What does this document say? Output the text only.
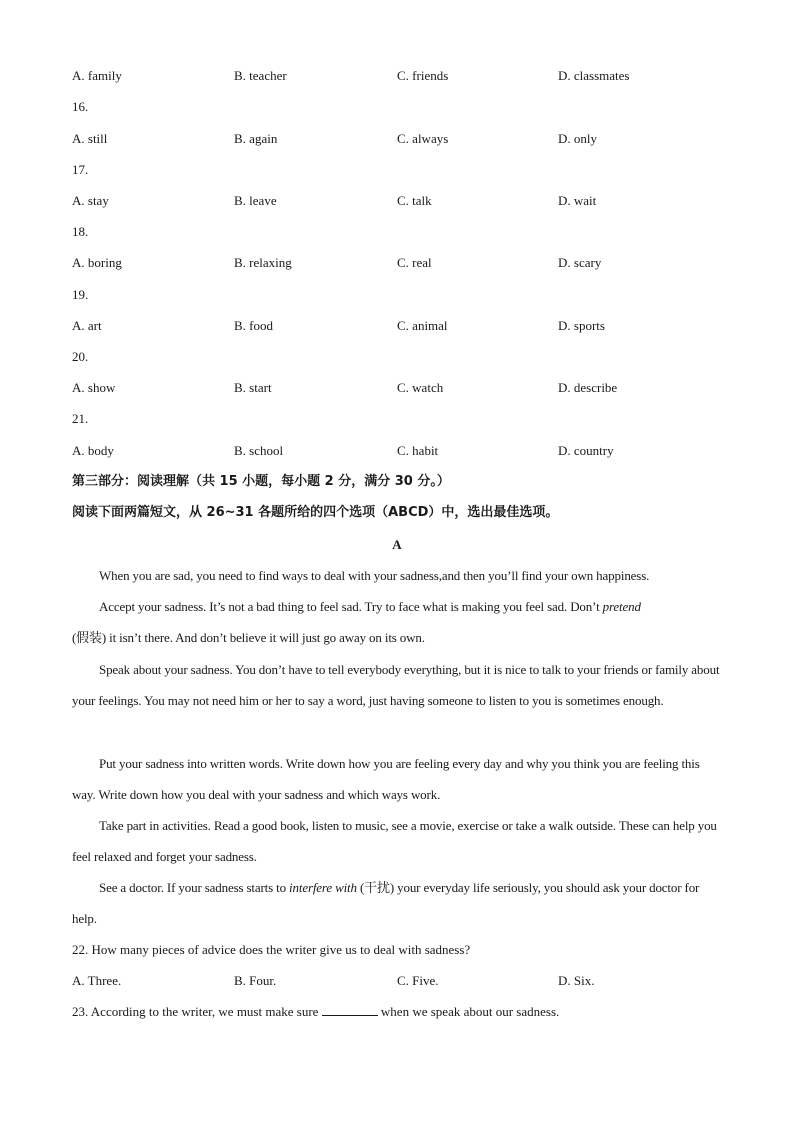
A. family	B. teacher	C. friends	D. classmates
16.
A. still	B. again	C. always	D. only
17.
A. stay	B. leave	C. talk	D. wait
18.
A. boring	B. relaxing	C. real	D. scary
19.
A. art	B. food	C. animal	D. sports
20.
A. show	B. start	C. watch	D. describe
21.
A. body	B. school	C. habit	D. country
第三部分：阅读理解（共 15 小题，每小题 2 分，满分 30 分。）
阅读下面两篇短文，从 26~31 各题所给的四个选项（ABCD）中，选出最佳选项。
A
When you are sad, you need to find ways to deal with your sadness,and then you’ll find your own happiness.
Accept your sadness. It’s not a bad thing to feel sad. Try to face what is making you feel sad. Don’t pretend
(假装) it isn’t there. And don’t believe it will just go away on its own.
Speak about your sadness. You don’t have to tell everybody everything, but it is nice to talk to your friends or family about your feelings. You may not need him or her to say a word, just having someone to listen to you is sometimes enough.
Put your sadness into written words. Write down how you are feeling every day and why you think you are feeling this way. Write down how you deal with your sadness and which ways work.
Take part in activities. Read a good book, listen to music, see a movie, exercise or take a walk outside. These can help you feel relaxed and forget your sadness.
See a doctor. If your sadness starts to interfere with (干扰) your everyday life seriously, you should ask your doctor for help.
22. How many pieces of advice does the writer give us to deal with sadness?
A. Three.	B. Four.	C. Five.	D. Six.
23. According to the writer, we must make sure	when we speak about our sadness.
